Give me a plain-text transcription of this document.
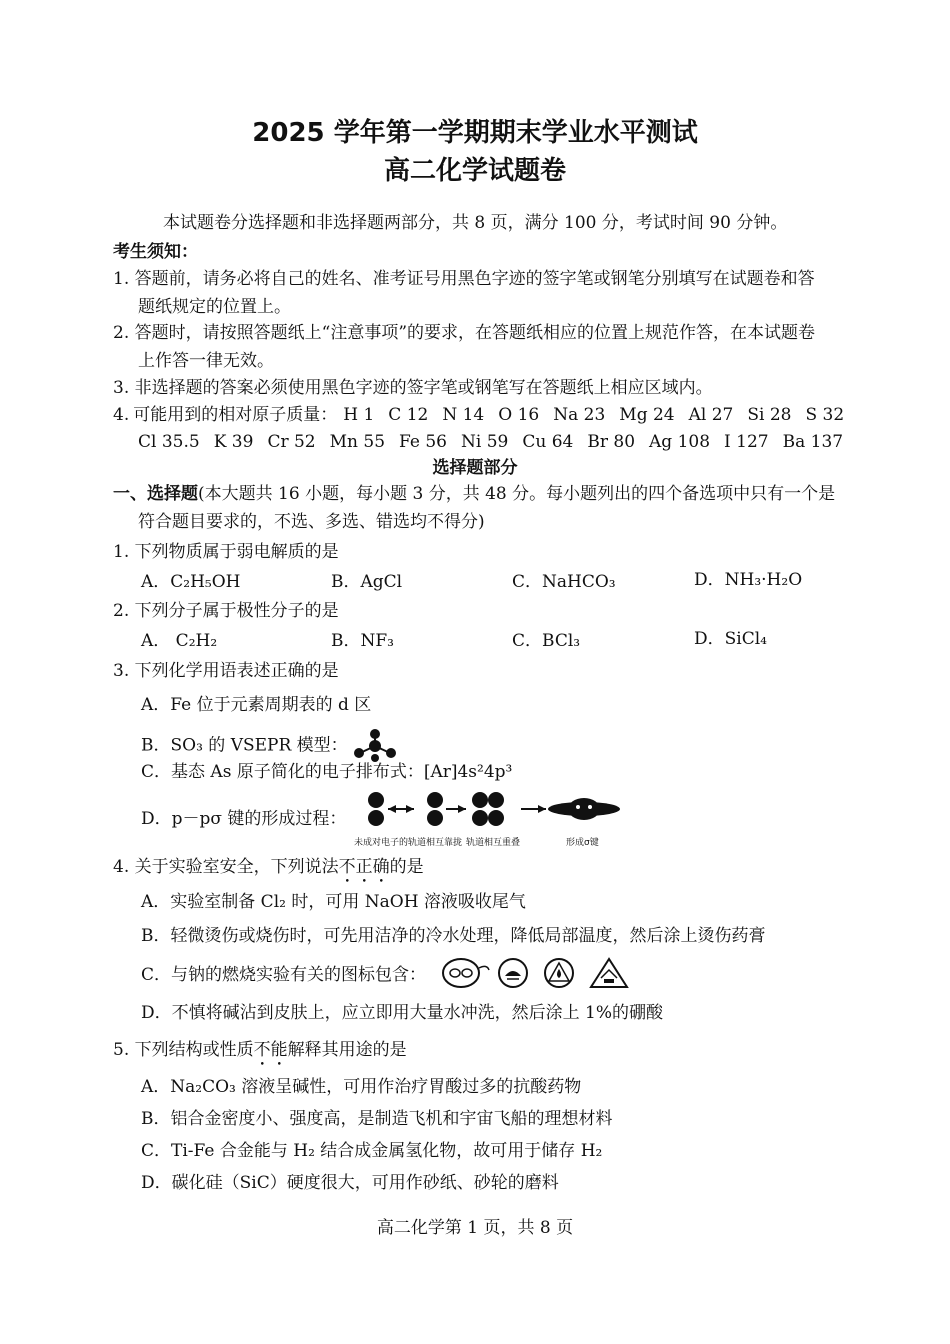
2025 学年第一学期期末学业水平测试
高二化学试题卷
本试题卷分选择题和非选择题两部分，共 8 页，满分 100 分，考试时间 90 分钟。
考生须知：
1. 答题前，请务必将自己的姓名、准考证号用黑色字迹的签字笔或钢笔分别填写在试题卷和答
题纸规定的位置上。
2. 答题时，请按照答题纸上“注意事项”的要求，在答题纸相应的位置上规范作答，在本试题卷
上作答一律无效。
3. 非选择题的答案必须使用黑色字迹的签字笔或钢笔写在答题纸上相应区域内。
4. 可能用到的相对原子质量： H 1 C 12 N 14 O 16 Na 23 Mg 24 Al 27 Si 28 S 32
Cl 35.5 K 39 Cr 52 Mn 55 Fe 56 Ni 59 Cu 64 Br 80 Ag 108 I 127 Ba 137
选择题部分
一、选择题(本大题共 16 小题，每小题 3 分，共 48 分。每小题列出的四个备选项中只有一个是
符合题目要求的，不选、多选、错选均不得分)
1. 下列物质属于弱电解质的是
A．C₂H₅OH	B．AgCl	C．NaHCO₃	D．NH₃·H₂O
2. 下列分子属于极性分子的是
A． C₂H₂	B．NF₃	C．BCl₃	D．SiCl₄
3. 下列化学用语表述正确的是
A．Fe 位于元素周期表的 d 区
B．SO₃ 的 VSEPR 模型：
C．基态 As 原子简化的电子排布式：[Ar]4s²4p³
D．p－pσ 键的形成过程：
未成对电子的轨道相互靠拢 轨道相互重叠	形成σ键
4. 关于实验室安全，下列说法不正确的是
A．实验室制备 Cl₂ 时，可用 NaOH 溶液吸收尾气
B．轻微烫伤或烧伤时，可先用洁净的冷水处理，降低局部温度，然后涂上烫伤药膏
C．与钠的燃烧实验有关的图标包含：
D．不慎将碱沾到皮肤上，应立即用大量水冲洗，然后涂上 1%的硼酸
5. 下列结构或性质不能解释其用途的是
A．Na₂CO₃ 溶液呈碱性，可用作治疗胃酸过多的抗酸药物
B．铝合金密度小、强度高，是制造飞机和宇宙飞船的理想材料
C．Ti-Fe 合金能与 H₂ 结合成金属氢化物，故可用于储存 H₂
D．碳化硅（SiC）硬度很大，可用作砂纸、砂轮的磨料
高二化学第 1 页，共 8 页
